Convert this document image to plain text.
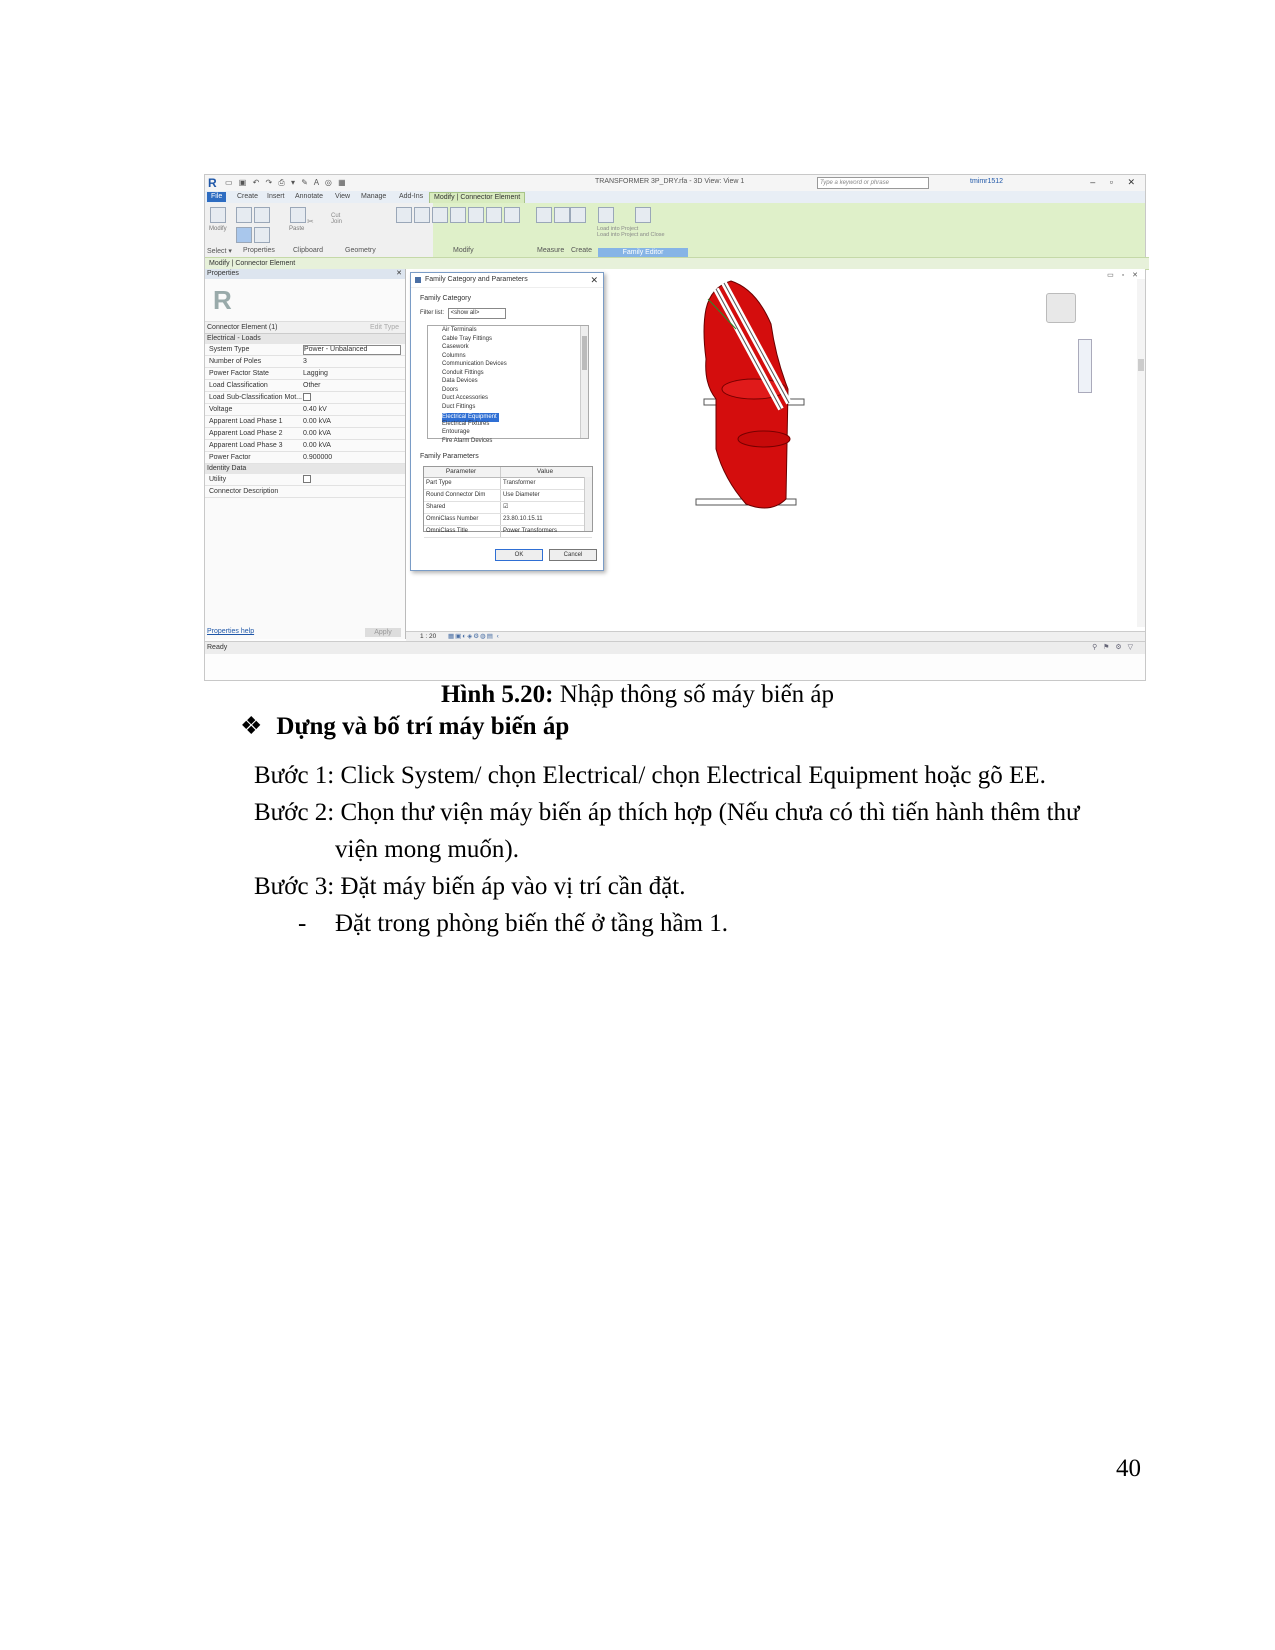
R ▭ ▣ ↶ ↷ ⎙ ▾ ✎ A ◎ ▦	TRANSFORMER 3P_DRY.rfa - 3D View: View 1	Type a keyword or phrase	tmimr1512	– ▫ ✕
File	Create	Insert	Annotate	View	Manage	Add-Ins	Modify | Connector Element
Modify

✂
Paste
Cut
Join

Load into Project
Load into Project and Close
Select ▾ Properties	Clipboard	Geometry	Modify	Measure Create	Family Editor
Modify | Connector Element
Properties	✕
R
Connector Element (1)	Edit Type
Electrical - Loads
System Type	Power - Unbalanced
Number of Poles	3
Power Factor State	Lagging
Load Classification	Other
Load Sub-Classification Mot...
Voltage	0.40 kV
Apparent Load Phase 1	0.00 kVA
Apparent Load Phase 2	0.00 kVA
Apparent Load Phase 3	0.00 kVA
Power Factor	0.900000
Identity Data
Utility
Connector Description
Properties help	Apply
▭ ▫ ✕
Family Category and Parameters	✕
Family Category
Filter list: <show all>
Air Terminals
Cable Tray Fittings
Casework
Columns
Communication Devices
Conduit Fittings
Data Devices
Doors
Duct Accessories
Duct Fittings
Electrical Equipment
Electrical Fixtures
Entourage
Fire Alarm Devices
Family Parameters
Parameter	Value
Part Type	Transformer
Round Connector Dim	Use Diameter
Shared	☑
OmniClass Number	23.80.10.15.11
OmniClass Title	Power Transformers
OK	Cancel
1 : 20 ▦▣◐◈⚙◍▤ ‹
Ready	⚲ ⚑ ⚙ ▽
Hình 5.20: Nhập thông số máy biến áp
❖ Dựng và bố trí máy biến áp
Bước 1: Click System/ chọn Electrical/ chọn Electrical Equipment hoặc gõ EE.
Bước 2: Chọn thư viện máy biến áp thích hợp (Nếu chưa có thì tiến hành thêm thư
viện mong muốn).
Bước 3: Đặt máy biến áp vào vị trí cần đặt.
- Đặt trong phòng biến thế ở tầng hầm 1.
40
